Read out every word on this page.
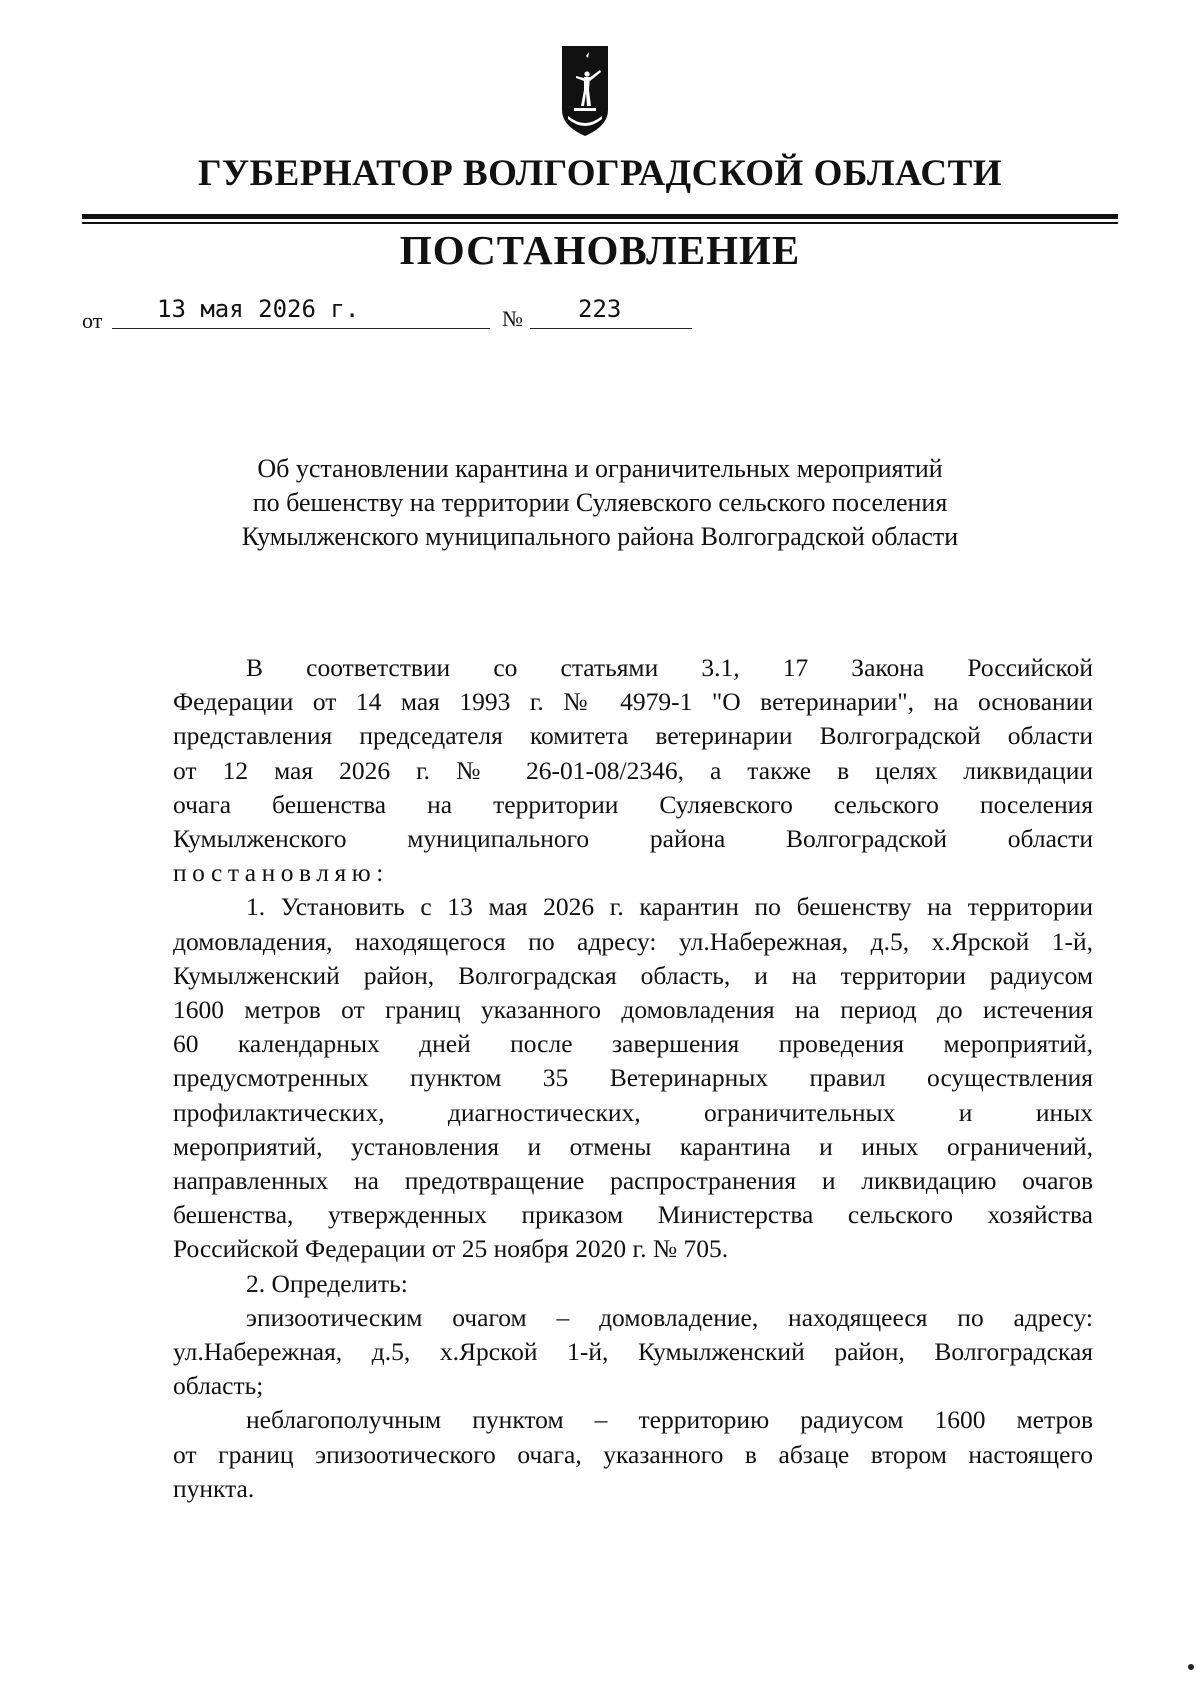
ГУБЕРНАТОР ВОЛГОГРАДСКОЙ ОБЛАСТИ
ПОСТАНОВЛЕНИЕ
от 13 мая 2026 г.	№ 223
Об установлении карантина и ограничительных мероприятий
по бешенству на территории Суляевского сельского поселения
Кумылженского муниципального района Волгоградской области
В соответствии со статьями 3.1, 17 Закона Российской
Федерации от 14 мая 1993 г. № 4979-1 "О ветеринарии", на основании
представления председателя комитета ветеринарии Волгоградской области
от 12 мая 2026 г. № 26-01-08/2346, а также в целях ликвидации
очага бешенства на территории Суляевского сельского поселения
Кумылженского муниципального района Волгоградской области
постановляю:
1. Установить с 13 мая 2026 г. карантин по бешенству на территории
домовладения, находящегося по адресу: ул.Набережная, д.5, х.Ярской 1-й,
Кумылженский район, Волгоградская область, и на территории радиусом
1600 метров от границ указанного домовладения на период до истечения
60 календарных дней после завершения проведения мероприятий,
предусмотренных пунктом 35 Ветеринарных правил осуществления
профилактических, диагностических, ограничительных и иных
мероприятий, установления и отмены карантина и иных ограничений,
направленных на предотвращение распространения и ликвидацию очагов
бешенства, утвержденных приказом Министерства сельского хозяйства
Российской Федерации от 25 ноября 2020 г. № 705.
2. Определить:
эпизоотическим очагом – домовладение, находящееся по адресу:
ул.Набережная, д.5, х.Ярской 1-й, Кумылженский район, Волгоградская
область;
неблагополучным пунктом – территорию радиусом 1600 метров
от границ эпизоотического очага, указанного в абзаце втором настоящего
пункта.
